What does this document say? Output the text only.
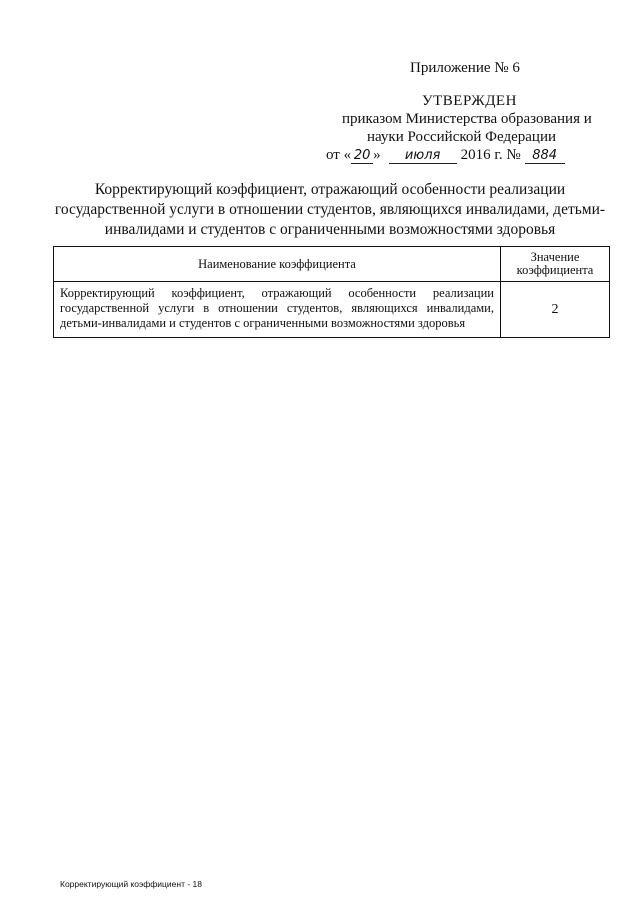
Приложение № 6
УТВЕРЖДЕН
приказом Министерства образования и
науки Российской Федерации
от « 20 »	июля	2016 г. № 884
Корректирующий коэффициент, отражающий особенности реализации государственной услуги в отношении студентов, являющихся инвалидами, детьми-инвалидами и студентов с ограниченными возможностями здоровья
Наименование коэффициента	Значение коэффициента
Корректирующий коэффициент, отражающий особенности реализации государственной услуги в отношении студентов, являющихся инвалидами, детьми-инвалидами и студентов с ограниченными возможностями здоровья	2
Корректирующий коэффициент - 18
